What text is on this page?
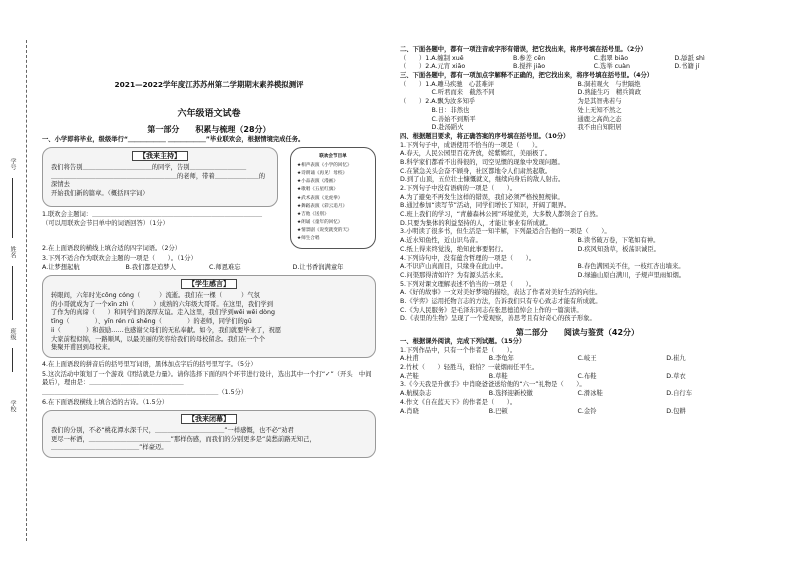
学号
姓名
班级
学校
2021—2022学年度江苏苏州第二学期期末素养模拟测评
六年级语文试卷
第一部分　　积累与梳理（28分）
一、小学即将毕业，级级举行“＿＿＿＿＿＿ ＿＿＿＿＿＿”毕业联欢会，根据情境完成任务。
【我来主持】
我们将告别＿＿＿＿＿＿＿＿＿＿＿的同学，告别＿＿＿＿＿＿＿＿＿
＿＿＿＿＿＿＿＿＿＿＿＿＿＿＿＿＿＿＿＿的老师，带着＿＿＿＿＿＿＿的深情去
开始我们新的篇章。（概括四字词）
联欢会节目单
★相声表演《小学的回忆》
★诗朗诵《再见！母校》
★小品表演《漫画》
★歌唱《五星红旗》
★武术表演《龙虎拳》
★舞蹈表演《彩云追月》
★吉他《送别》
★朗诵《童年的回忆》
★情景剧《说变就变的天》
★师生合唱
1.联欢会主题词：＿＿＿＿＿＿＿＿＿＿＿＿＿＿＿＿＿＿＿＿＿＿＿＿＿＿＿
（可以用联欢会节目单中的词语回答）（1分）
2.在上面语段的横线上填合适的四字词语。（2分）
3.下列不适合作为联欢会主题的一项是（　　）。（1分）
A.让梦想起航	B.我们都是追梦人	C.师恩难忘	D.让书香润满童年
【学生感言】
转眼间，六年时光cōng cóng（　　　）流逝。我们在一棵（　　　）气氛
的小哥就成为了一个xīn zhì（　　　）成熟的六年级大哥哥。在这里，我们学到
了作为的真谛（　　）和同学们的深厚友谊。走入这里，我们学到wēi wēi dòng
tīng（　　　　）、yīn rén rú shēng（　　　　）的老师，同学们的gū
ii（　　　　）和鼓励……也感谢父母们的无私奉献。如今，我们就要毕业了，祝愿
大家前程似锦，一路顺风，以最美丽的笑容给我们的母校留念。我们在一个个
集聚开甫回到母校来。
4.在上面语段的拼音后的括号里写词语，黑体加点字后的括号里写字。（5分）
5.这次活动中策划了一个游戏《团结就是力量》。请你选择下面的四个环节进行设计，选出其中一个打“✓”（开头　中间　最后），理由是：＿＿＿＿＿＿＿＿＿＿＿＿＿＿＿
＿＿＿＿＿＿＿＿＿＿＿＿＿＿＿＿＿＿＿＿＿＿＿＿＿＿＿＿（1.5分）
6.在下面语段横线上填合适的古诗。（1.5分）
【我来闭幕】
我们的分别，不必“桃花潭水深千尺，＿＿＿＿＿＿＿＿＿＿＿”一样感慨，也不必“劝君
更尽一杯酒，＿＿＿＿＿＿＿＿＿＿＿＿＿”那样伤感，而我们的分别更多是“莫愁前路无知己，
＿＿＿＿＿＿＿＿＿＿＿＿＿＿”样豪迈。
二、下面各题中，都有一项注音或字形有错误，把它找出来，将序号填在括号里。（2分）
（　　）1.A.缠制 xuē	B.参差 cēn	C.翡翠 biāo	D.舔舐 shì
（　　）2.A.元宵 xiāo	B.搅拌 jiǎo	C.选举 cuàn	D.书籍 jí
三、下面各题中，都有一项加点字解释不正确的，把它找出来，将序号填在括号里。（4分）
（　　）1.A.雕马疾驰　心甚难评	B.洞若观火　与世隔绝
　　　　　C.听君而来　截然不同	D.熟能生巧　精兵简政
（　　）2.A.飘为汝多知乎	为是其智弗若与
　　　　　B.日：非然也	处上无知不然之
　　　　　C.善始不到斯平	通鹿之高尚之态
　　　　　D.赴汤蹈火	我不由自知阳居
四、根据题目要求，将正确答案的序号填在括号里。（10分）
1.下列句子中，成语使用不恰当的一项是（　　）。
A.春天，人民公园里百花齐放，姹紫嫣红，美丽极了。
B.科学家们都看不出得很的，司空见惯的现象中发现问题。
C.在紧急关头会奋不顾身，社区都地令人们肃然起敬。
D.到了山顶，五位壮士慷慨就义，继续向身后的敌人射击。
2.下列句子中没有语病的一项是（　　）。
A.为了避免不再发生这样的错误，我们必须严格按照规律。
B.通过参加“读写节”活动，同学们增长了知识，开阔了眼界。
C.班上我们的学习，“青藤森林公园”环境优美，大多数人都领会了自然。
D.只要为集体的利益坚持的人，才能让事业有所成就。
3.小明读了很多书，但生活是一知半解，下列最适合告他的一项是（　　）。
A.近水知鱼性，近山识鸟音。	B.读书破万卷，下笔如有神。
C.纸上得来终觉浅，绝知此事要躬行。	D.疾风知劲草，板荡识诚臣。
4.下列诗句中，没有蕴含哲理的一项是（　　）。
A.不识庐山真面目，只缘身在此山中。	B.春色满园关不住，一枝红杏出墙来。
C.问渠那得清如许？为有源头活水来。	D.绿遍山原白满川，子规声里雨如烟。
5.下列对课文理解表述不恰当的一项是（　　）。
A.《好的故事》一文对美好梦境的描绘，表达了作者对美好生活的向往。
B.《学弈》运用托物言志的方法，告诉我们只有专心致志才能有所成就。
C.《为人民服务》是毛泽东同志在张思德追悼会上作的一篇演讲。
D.《表里的生物》呈现了一个爱观察，善思考且有好奇心的孩子形象。
第二部分　　阅读与鉴赏（42分）
一、根据课外阅读，完成下列试题。（15分）
1.下列作品中，只有一个作者是（　　）。
A.杜甫	B.李龟年	C.岐王	D.崔九
2.竹杖（　　）轻胜马，谁怕？一蓑烟雨任平生。
A.芒鞋	B.草鞋	C.布鞋	D.草衣
3.《今天我是升旗手》中肖晓爸爸送给他的“六一”礼物是（　　）。
A.航模杂志	B.选择迎新校徽	C.滑冰鞋	D.自行车
4.作文《自在蓝天下》的作者是（　　）。
A.肖晓	B.巴顿	C.金铃	D.包耕
